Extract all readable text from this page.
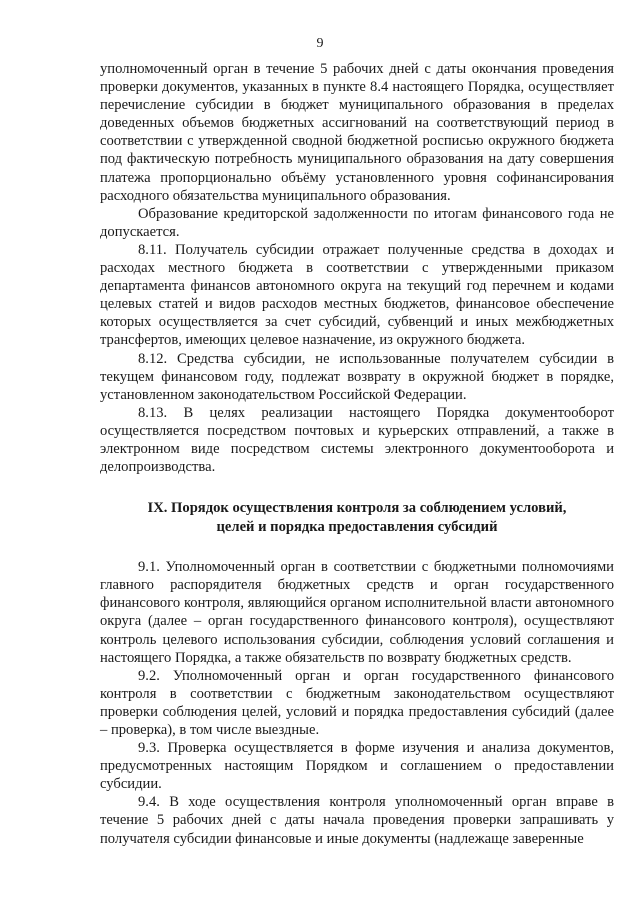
9

уполномоченный орган в течение 5 рабочих дней с даты окончания проведения проверки документов, указанных в пункте 8.4 настоящего Порядка, осуществляет перечисление субсидии в бюджет муниципального образования в пределах доведенных объемов бюджетных ассигнований на соответствующий период в соответствии с утвержденной сводной бюджетной росписью окружного бюджета под фактическую потребность муниципального образования на дату совершения платежа пропорционально объёму установленного уровня софинансирования расходного обязательства муниципального образования.

Образование кредиторской задолженности по итогам финансового года не допускается.

8.11. Получатель субсидии отражает полученные средства в доходах и расходах местного бюджета в соответствии с утвержденными приказом департамента финансов автономного округа на текущий год перечнем и кодами целевых статей и видов расходов местных бюджетов, финансовое обеспечение которых осуществляется за счет субсидий, субвенций и иных межбюджетных трансфертов, имеющих целевое назначение, из окружного бюджета.

8.12. Средства субсидии, не использованные получателем субсидии в текущем финансовом году, подлежат возврату в окружной бюджет в порядке, установленном законодательством Российской Федерации.

8.13. В целях реализации настоящего Порядка документооборот осуществляется посредством почтовых и курьерских отправлений, а также в электронном виде посредством системы электронного документооборота и делопроизводства.

IX. Порядок осуществления контроля за соблюдением условий,
целей и порядка предоставления субсидий

9.1. Уполномоченный орган в соответствии с бюджетными полномочиями главного распорядителя бюджетных средств и орган государственного финансового контроля, являющийся органом исполнительной власти автономного округа (далее – орган государственного финансового контроля), осуществляют контроль целевого использования субсидии, соблюдения условий соглашения и настоящего Порядка, а также обязательств по возврату бюджетных средств.

9.2. Уполномоченный орган и орган государственного финансового контроля в соответствии с бюджетным законодательством осуществляют проверки соблюдения целей, условий и порядка предоставления субсидий (далее – проверка), в том числе выездные.

9.3. Проверка осуществляется в форме изучения и анализа документов, предусмотренных настоящим Порядком и соглашением о предоставлении субсидии.

9.4. В ходе осуществления контроля уполномоченный орган вправе в течение 5 рабочих дней с даты начала проведения проверки запрашивать у получателя субсидии финансовые и иные документы (надлежаще заверенные
